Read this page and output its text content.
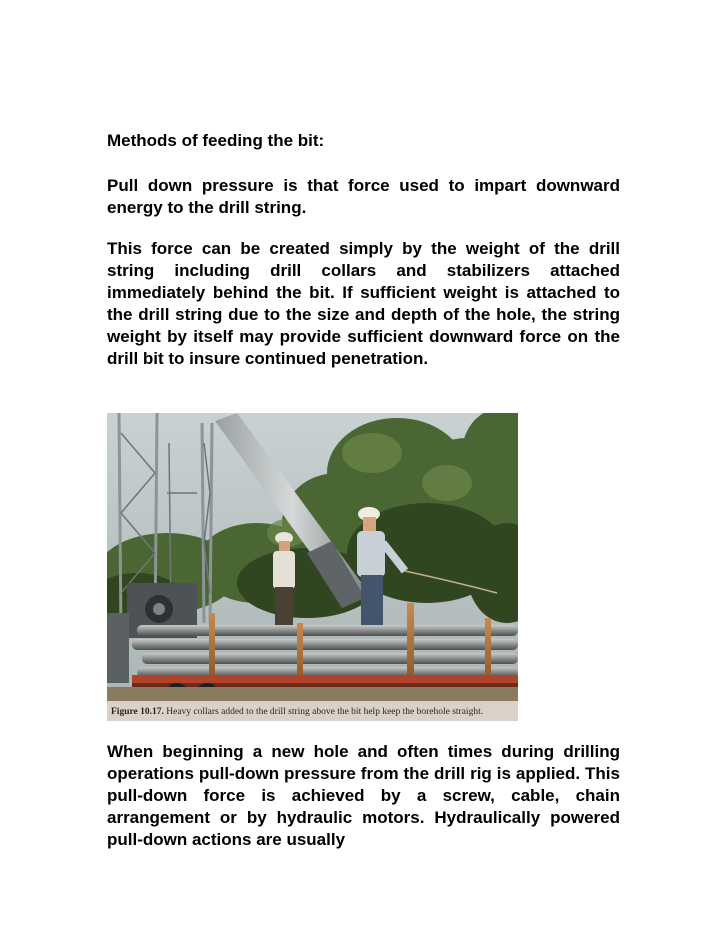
Methods of feeding the bit:

Pull down pressure is that force used to impart downward energy to the drill string.

This force can be created simply by the weight of the drill string including drill collars and stabilizers attached immediately behind the bit. If sufficient weight is attached to the drill string due to the size and depth of the hole, the string weight by itself may provide sufficient downward force on the drill bit to insure continued penetration.

Figure 10.17. Heavy collars added to the drill string above the bit help keep the borehole straight.

When beginning a new hole and often times during drilling operations pull-down pressure from the drill rig is applied. This pull-down force is achieved by a screw, cable, chain arrangement or by hydraulic motors. Hydraulically powered pull-down actions are usually
